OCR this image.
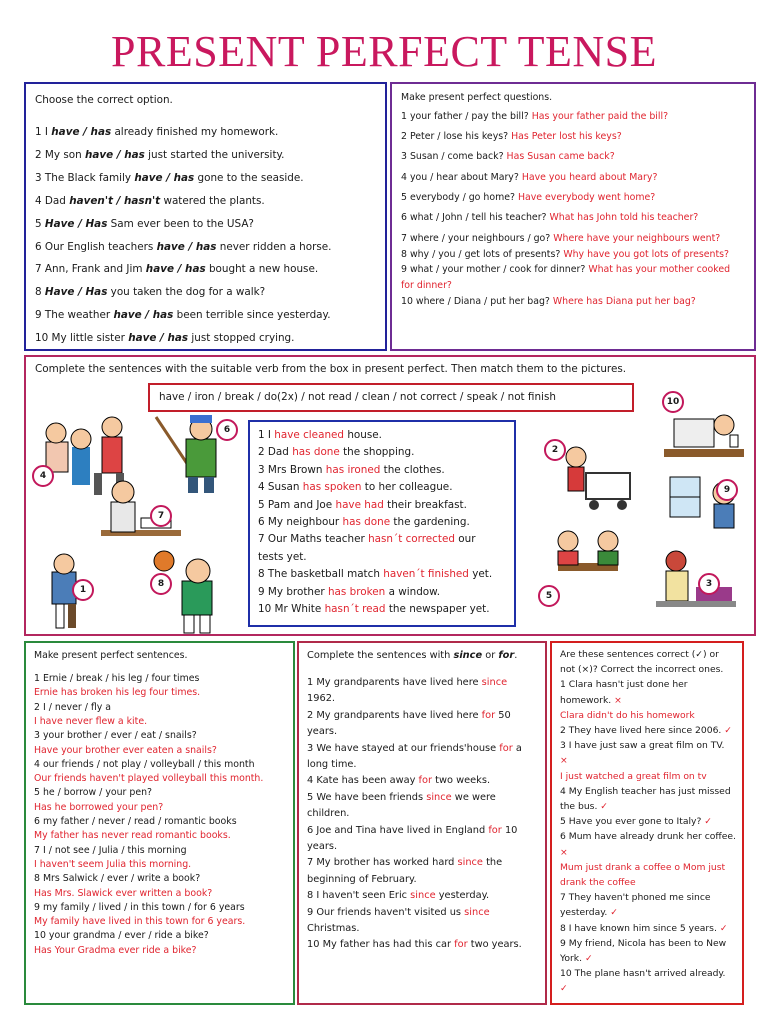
PRESENT PERFECT TENSE
Choose the correct option.
1 I have / has already finished my homework.
2 My son have / has just started the university.
3 The Black family have / has gone to the seaside.
4 Dad haven't / hasn't watered the plants.
5 Have / Has Sam ever been to the USA?
6 Our English teachers have / has never ridden a horse.
7 Ann, Frank and Jim have / has bought a new house.
8 Have / Has you taken the dog for a walk?
9 The weather have / has been terrible since yesterday.
10 My little sister have / has just stopped crying.
Make present perfect questions.
1 your father / pay the bill? Has your father paid the bill?
2 Peter / lose his keys? Has Peter lost his keys?
3 Susan / come back? Has Susan came back?
4 you / hear about Mary? Have you heard about Mary?
5 everybody / go home? Have everybody went home?
6 what / John / tell his teacher? What has John told his teacher?
7 where / your neighbours / go? Where have your neighbours went?
8 why / you / get lots of presents? Why have you got lots of presents?
9 what / your mother / cook for dinner? What has your mother cooked
for dinner?
10 where / Diana / put her bag? Where has Diana put her bag?
Complete the sentences with the suitable verb from the box in present perfect. Then match them to the pictures.
have / iron / break / do(2x) / not read / clean / not correct / speak / not finish
1 I have cleaned house.
2 Dad has done the shopping.
3 Mrs Brown has ironed the clothes.
4 Susan has spoken to her colleague.
5 Pam and Joe have had their breakfast.
6 My neighbour has done the gardening.
7 Our Maths teacher hasn´t corrected our
tests yet.
8 The basketball match haven´t finished yet.
9 My brother has broken a window.
10 Mr White hasn´t read the newspaper yet.
10
6
2
4
9
7
1
8	3
5
Make present perfect sentences.
1 Ernie / break / his leg / four times
Ernie has broken his leg four times.
2 I / never / fly a
I have never flew a kite.
3 your brother / ever / eat / snails?
Have your brother ever eaten a snails?
4 our friends / not play / volleyball / this month
Our friends haven't played volleyball this month.
5 he / borrow / your pen?
Has he borrowed your pen?
6 my father / never / read / romantic books
My father has never read romantic books.
7 I / not see / Julia / this morning
I haven't seem Julia this morning.
8 Mrs Salwick / ever / write a book?
Has Mrs. Slawick ever written a book?
9 my family / lived / in this town / for 6 years
My family have lived in this town for 6 years.
10 your grandma / ever / ride a bike?
Has Your Gradma ever ride a bike?
Complete the sentences with since or for.
1 My grandparents have lived here since
1962.
2 My grandparents have lived here for 50
years.
3 We have stayed at our friends'house for a
long time.
4 Kate has been away for two weeks.
5 We have been friends since we were
children.
6 Joe and Tina have lived in England for 10
years.
7 My brother has worked hard since the
beginning of February.
8 I haven't seen Eric since yesterday.
9 Our friends haven't visited us since
Christmas.
10 My father has had this car for two years.
Are these sentences correct (✓) or
not (×)? Correct the incorrect ones.
1 Clara hasn't just done her
homework. ×
Clara didn't do his homework
2 They have lived here since 2006. ✓
3 I have just saw a great film on TV.
×
I just watched a great film on tv
4 My English teacher has just missed
the bus. ✓
5 Have you ever gone to Italy? ✓
6 Mum have already drunk her coffee.
×
Mum just drank a coffee o Mom just
drank the coffee
7 They haven't phoned me since
yesterday. ✓
8 I have known him since 5 years. ✓
9 My friend, Nicola has been to New
York. ✓
10 The plane hasn't arrived already.
✓
